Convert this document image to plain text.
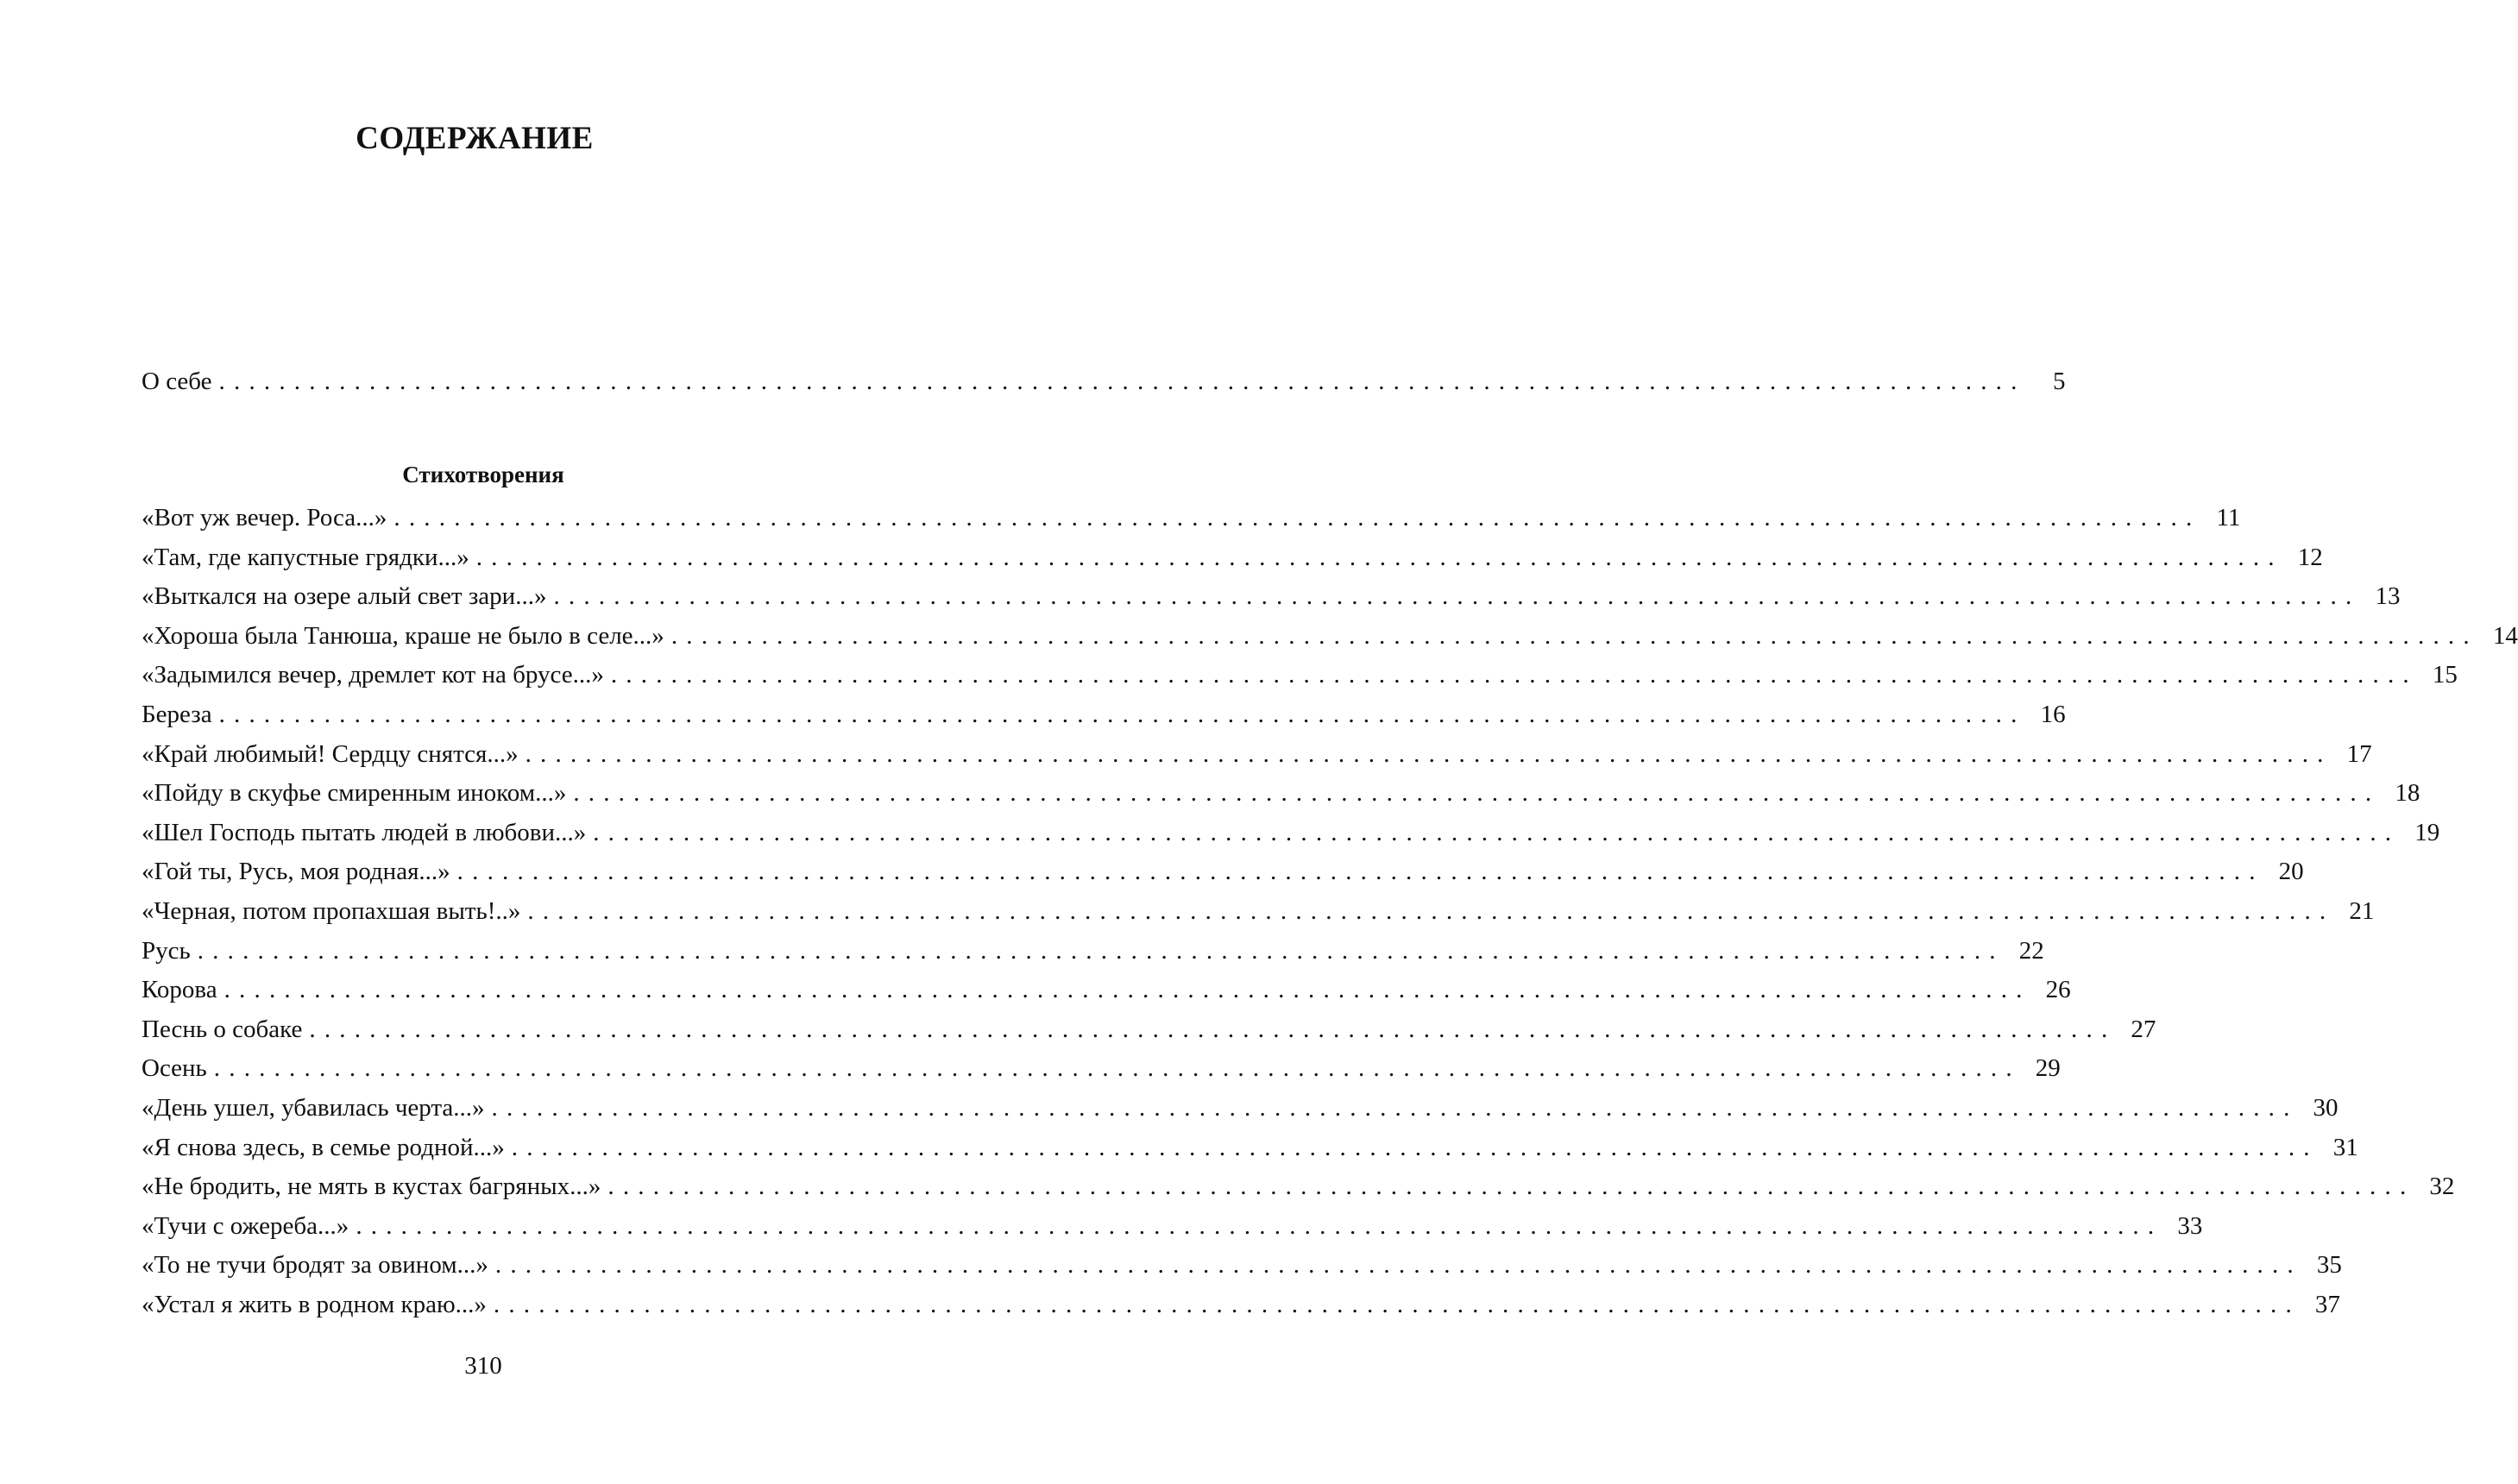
СОДЕРЖАНИЕ
О себе ........................................................................................................................	5
Стихотворения
«Вот уж вечер. Роса...» ........................................................................................................................ 11
«Там, где капустные грядки...» ........................................................................................................................ 12
«Выткался на озере алый свет зари...» ........................................................................................................................ 13
«Хороша была Танюша, краше не было в селе...» ........................................................................................................................ 14
«Задымился вечер, дремлет кот на брусе...» ........................................................................................................................ 15
Береза ........................................................................................................................ 16
«Край любимый! Сердцу снятся...» ........................................................................................................................ 17
«Пойду в скуфье смиренным иноком...» ........................................................................................................................ 18
«Шел Господь пытать людей в любови...» ........................................................................................................................ 19
«Гой ты, Русь, моя родная...» ........................................................................................................................ 20
«Черная, потом пропахшая выть!..» ........................................................................................................................ 21
Русь ........................................................................................................................ 22
Корова ........................................................................................................................ 26
Песнь о собаке ........................................................................................................................ 27
Осень ........................................................................................................................ 29
«День ушел, убавилась черта...» ........................................................................................................................ 30
«Я снова здесь, в семье родной...» ........................................................................................................................ 31
«Не бродить, не мять в кустах багряных...» ........................................................................................................................ 32
«Тучи с ожереба...» ........................................................................................................................ 33
«То не тучи бродят за овином...» ........................................................................................................................ 35
«Устал я жить в родном краю...» ........................................................................................................................ 37
310
